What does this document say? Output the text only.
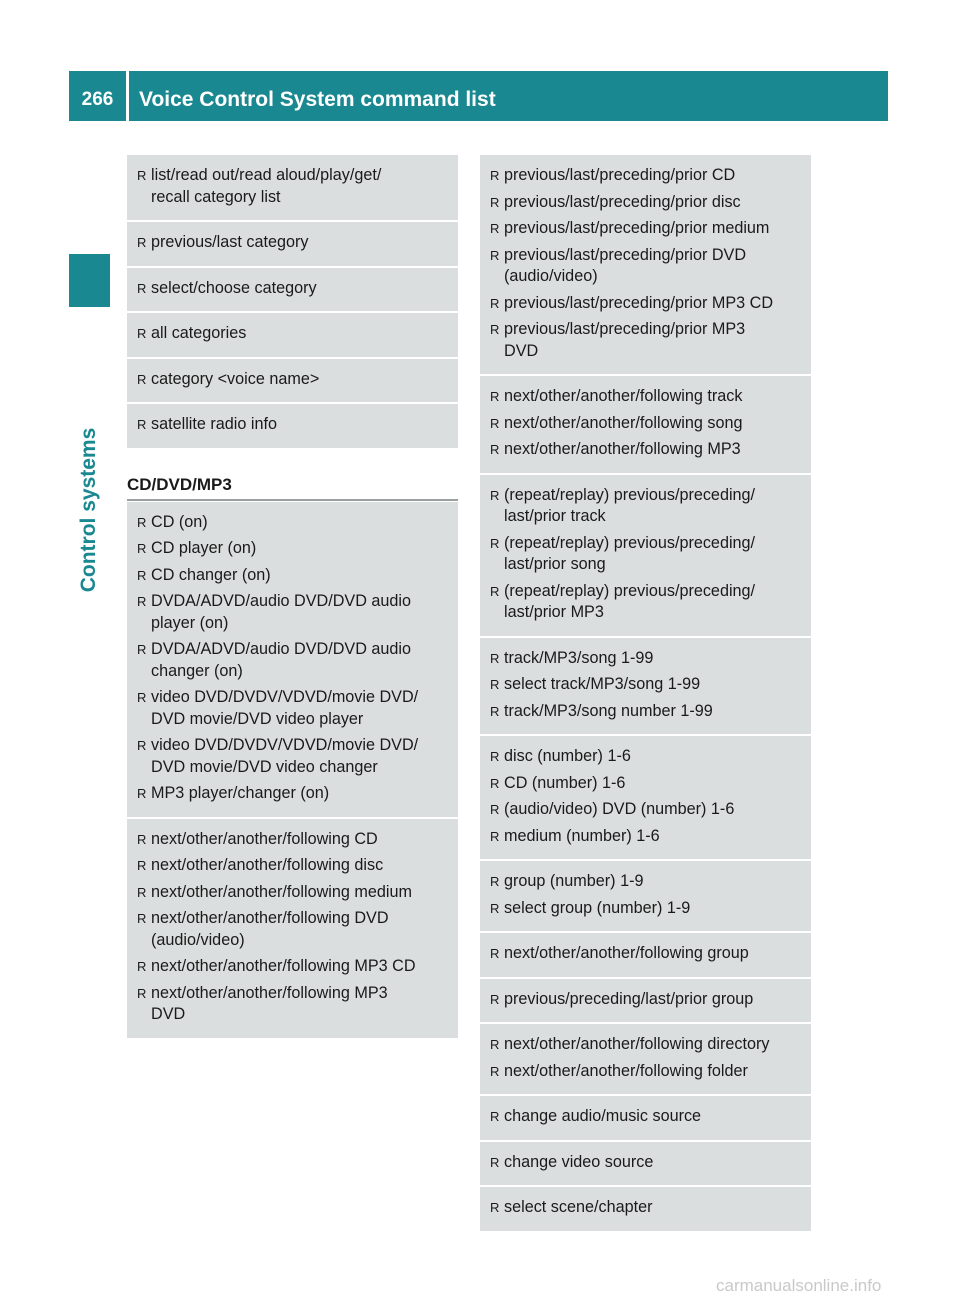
266	Voice Control System command list
Control systems
R list/read out/read aloud/play/get/
recall category list
R previous/last category
R select/choose category
R all categories
R category <voice name>
R satellite radio info
CD/DVD/MP3
R CD (on)
R CD player (on)
R CD changer (on)
R DVDA/ADVD/audio DVD/DVD audio
player (on)
R DVDA/ADVD/audio DVD/DVD audio
changer (on)
R video DVD/DVDV/VDVD/movie DVD/
DVD movie/DVD video player
R video DVD/DVDV/VDVD/movie DVD/
DVD movie/DVD video changer
R MP3 player/changer (on)
R next/other/another/following CD
R next/other/another/following disc
R next/other/another/following medium
R next/other/another/following DVD
(audio/video)
R next/other/another/following MP3 CD
R next/other/another/following MP3
DVD
R previous/last/preceding/prior CD
R previous/last/preceding/prior disc
R previous/last/preceding/prior medium
R previous/last/preceding/prior DVD
(audio/video)
R previous/last/preceding/prior MP3 CD
R previous/last/preceding/prior MP3
DVD
R next/other/another/following track
R next/other/another/following song
R next/other/another/following MP3
R (repeat/replay) previous/preceding/
last/prior track
R (repeat/replay) previous/preceding/
last/prior song
R (repeat/replay) previous/preceding/
last/prior MP3
R track/MP3/song 1-99
R select track/MP3/song 1-99
R track/MP3/song number 1-99
R disc (number) 1-6
R CD (number) 1-6
R (audio/video) DVD (number) 1-6
R medium (number) 1-6
R group (number) 1-9
R select group (number) 1-9
R next/other/another/following group
R previous/preceding/last/prior group
R next/other/another/following directory
R next/other/another/following folder
R change audio/music source
R change video source
R select scene/chapter
carmanualsonline.info
